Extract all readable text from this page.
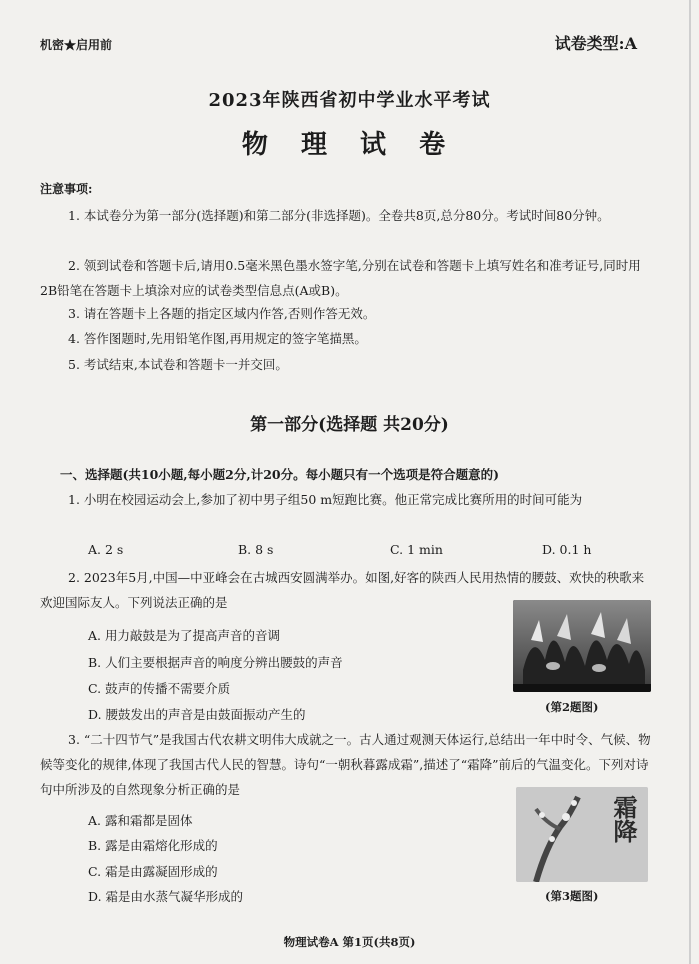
机密★启用前	试卷类型:A
2023年陕西省初中学业水平考试
物 理 试 卷
注意事项:
1. 本试卷分为第一部分(选择题)和第二部分(非选择题)。全卷共8页,总分80分。考试时间80分钟。
2. 领到试卷和答题卡后,请用0.5毫米黑色墨水签字笔,分别在试卷和答题卡上填写姓名和准考证号,同时用2B铅笔在答题卡上填涂对应的试卷类型信息点(A或B)。
3. 请在答题卡上各题的指定区域内作答,否则作答无效。
4. 答作图题时,先用铅笔作图,再用规定的签字笔描黑。
5. 考试结束,本试卷和答题卡一并交回。
第一部分(选择题 共20分)
一、选择题(共10小题,每小题2分,计20分。每小题只有一个选项是符合题意的)
1. 小明在校园运动会上,参加了初中男子组50 m短跑比赛。他正常完成比赛所用的时间可能为
A. 2 s	B. 8 s	C. 1 min	D. 0.1 h
2. 2023年5月,中国—中亚峰会在古城西安圆满举办。如图,好客的陕西人民用热情的腰鼓、欢快的秧歌来欢迎国际友人。下列说法正确的是
A. 用力敲鼓是为了提高声音的音调
B. 人们主要根据声音的响度分辨出腰鼓的声音
C. 鼓声的传播不需要介质
D. 腰鼓发出的声音是由鼓面振动产生的	(第2题图)
3. “二十四节气”是我国古代农耕文明伟大成就之一。古人通过观测天体运行,总结出一年中时令、气候、物候等变化的规律,体现了我国古代人民的智慧。诗句“一朝秋暮露成霜”,描述了“霜降”前后的气温变化。下列对诗句中所涉及的自然现象分析正确的是
A. 露和霜都是固体
B. 露是由霜熔化形成的
C. 霜是由露凝固形成的
D. 霜是由水蒸气凝华形成的
霜降
(第3题图)
物理试卷A 第1页(共8页)
